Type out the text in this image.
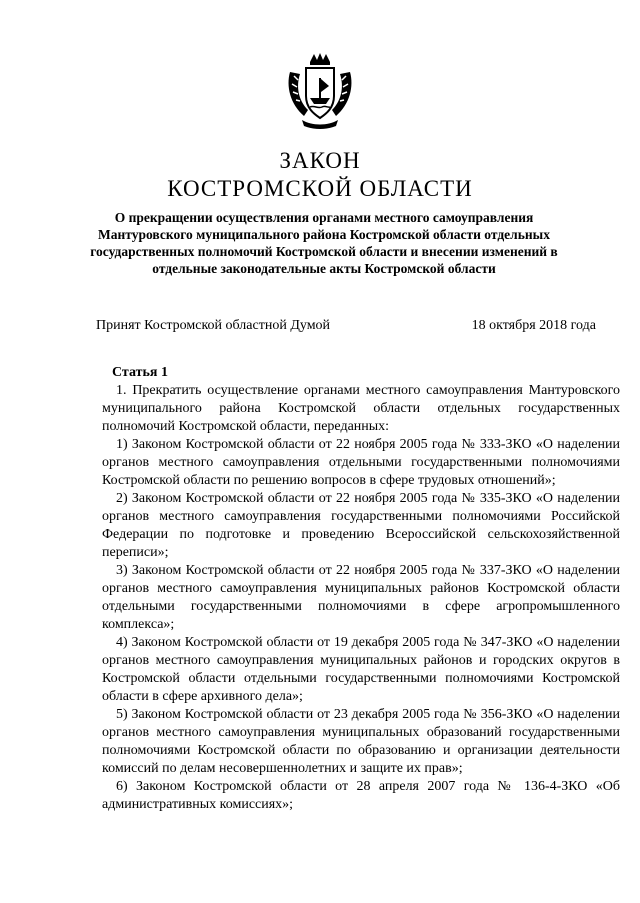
ЗАКОН
КОСТРОМСКОЙ ОБЛАСТИ
О прекращении осуществления органами местного самоуправления Мантуровского муниципального района Костромской области отдельных государственных полномочий Костромской области и внесении изменений в отдельные законодательные акты Костромской области
Принят Костромской областной Думой	18 октября 2018 года
Статья 1

1. Прекратить осуществление органами местного самоуправления Мантуровского муниципального района Костромской области отдельных государственных полномочий Костромской области, переданных:

1) Законом Костромской области от 22 ноября 2005 года № 333-ЗКО «О наделении органов местного самоуправления отдельными государственными полномочиями Костромской области по решению вопросов в сфере трудовых отношений»;

2) Законом Костромской области от 22 ноября 2005 года № 335-ЗКО «О наделении органов местного самоуправления государственными полномочиями Российской Федерации по подготовке и проведению Всероссийской сельскохозяйственной переписи»;

3) Законом Костромской области от 22 ноября 2005 года № 337-ЗКО «О наделении органов местного самоуправления муниципальных районов Костромской области отдельными государственными полномочиями в сфере агропромышленного комплекса»;

4) Законом Костромской области от 19 декабря 2005 года № 347-ЗКО «О наделении органов местного самоуправления муниципальных районов и городских округов в Костромской области отдельными государственными полномочиями Костромской области в сфере архивного дела»;

5) Законом Костромской области от 23 декабря 2005 года № 356-ЗКО «О наделении органов местного самоуправления муниципальных образований государственными полномочиями Костромской области по образованию и организации деятельности комиссий по делам несовершеннолетних и защите их прав»;

6) Законом Костромской области от 28 апреля 2007 года № 136-4-ЗКО «Об административных комиссиях»;
